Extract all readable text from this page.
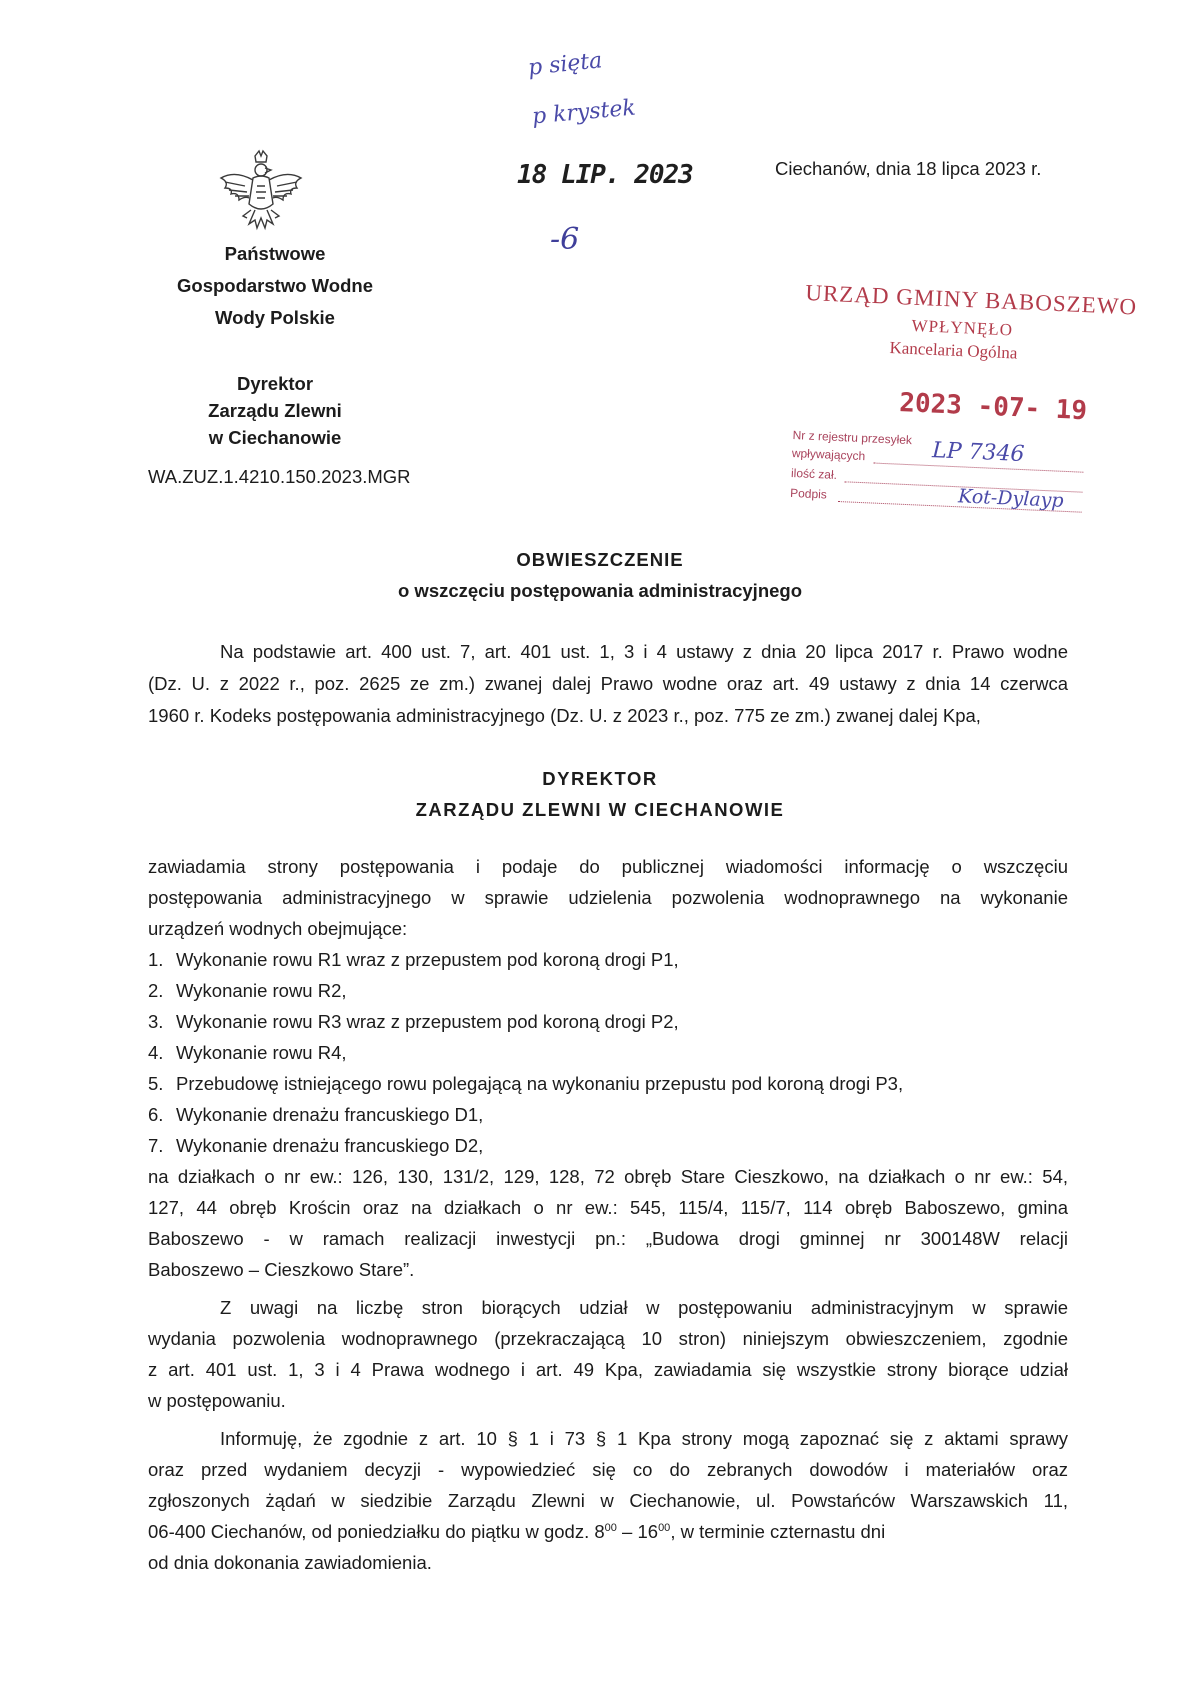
p sięta
p krystek
18 LIP. 2023
-6
Państwowe
Gospodarstwo Wodne
Wody Polskie
Dyrektor
Zarządu Zlewni
w Ciechanowie
WA.ZUZ.1.4210.150.2023.MGR
Ciechanów, dnia 18 lipca 2023 r.
URZĄD GMINY BABOSZEWO
WPŁYNĘŁO
Kancelaria Ogólna
2023 -07- 19
Nr z rejestru przesyłek
wpływających	LP 7346
ilość zał.
Podpis	Kot-Dylayp
OBWIESZCZENIE
o wszczęciu postępowania administracyjnego
Na podstawie art. 400 ust. 7, art. 401 ust. 1, 3 i 4 ustawy z dnia 20 lipca 2017 r. Prawo wodne
(Dz. U. z 2022 r., poz. 2625 ze zm.) zwanej dalej Prawo wodne oraz art. 49 ustawy z dnia 14 czerwca
1960 r. Kodeks postępowania administracyjnego (Dz. U. z 2023 r., poz. 775 ze zm.) zwanej dalej Kpa,
DYREKTOR
ZARZĄDU ZLEWNI W CIECHANOWIE
zawiadamia strony postępowania i podaje do publicznej wiadomości informację o wszczęciu
postępowania administracyjnego w sprawie udzielenia pozwolenia wodnoprawnego na wykonanie
urządzeń wodnych obejmujące:
1. Wykonanie rowu R1 wraz z przepustem pod koroną drogi P1,
2. Wykonanie rowu R2,
3. Wykonanie rowu R3 wraz z przepustem pod koroną drogi P2,
4. Wykonanie rowu R4,
5. Przebudowę istniejącego rowu polegającą na wykonaniu przepustu pod koroną drogi P3,
6. Wykonanie drenażu francuskiego D1,
7. Wykonanie drenażu francuskiego D2,
na działkach o nr ew.: 126, 130, 131/2, 129, 128, 72 obręb Stare Cieszkowo, na działkach o nr ew.: 54,
127, 44 obręb Krościn oraz na działkach o nr ew.: 545, 115/4, 115/7, 114 obręb Baboszewo, gmina
Baboszewo - w ramach realizacji inwestycji pn.: „Budowa drogi gminnej nr 300148W relacji
Baboszewo – Cieszkowo Stare”.
Z uwagi na liczbę stron biorących udział w postępowaniu administracyjnym w sprawie
wydania pozwolenia wodnoprawnego (przekraczającą 10 stron) niniejszym obwieszczeniem, zgodnie
z art. 401 ust. 1, 3 i 4 Prawa wodnego i art. 49 Kpa, zawiadamia się wszystkie strony biorące udział
w postępowaniu.
Informuję, że zgodnie z art. 10 § 1 i 73 § 1 Kpa strony mogą zapoznać się z aktami sprawy
oraz przed wydaniem decyzji - wypowiedzieć się co do zebranych dowodów i materiałów oraz
zgłoszonych żądań w siedzibie Zarządu Zlewni w Ciechanowie, ul. Powstańców Warszawskich 11,
06-400 Ciechanów, od poniedziałku do piątku w godz. $8^{00} - 16^{00}$, w terminie czternastu dni
od dnia dokonania zawiadomienia.
